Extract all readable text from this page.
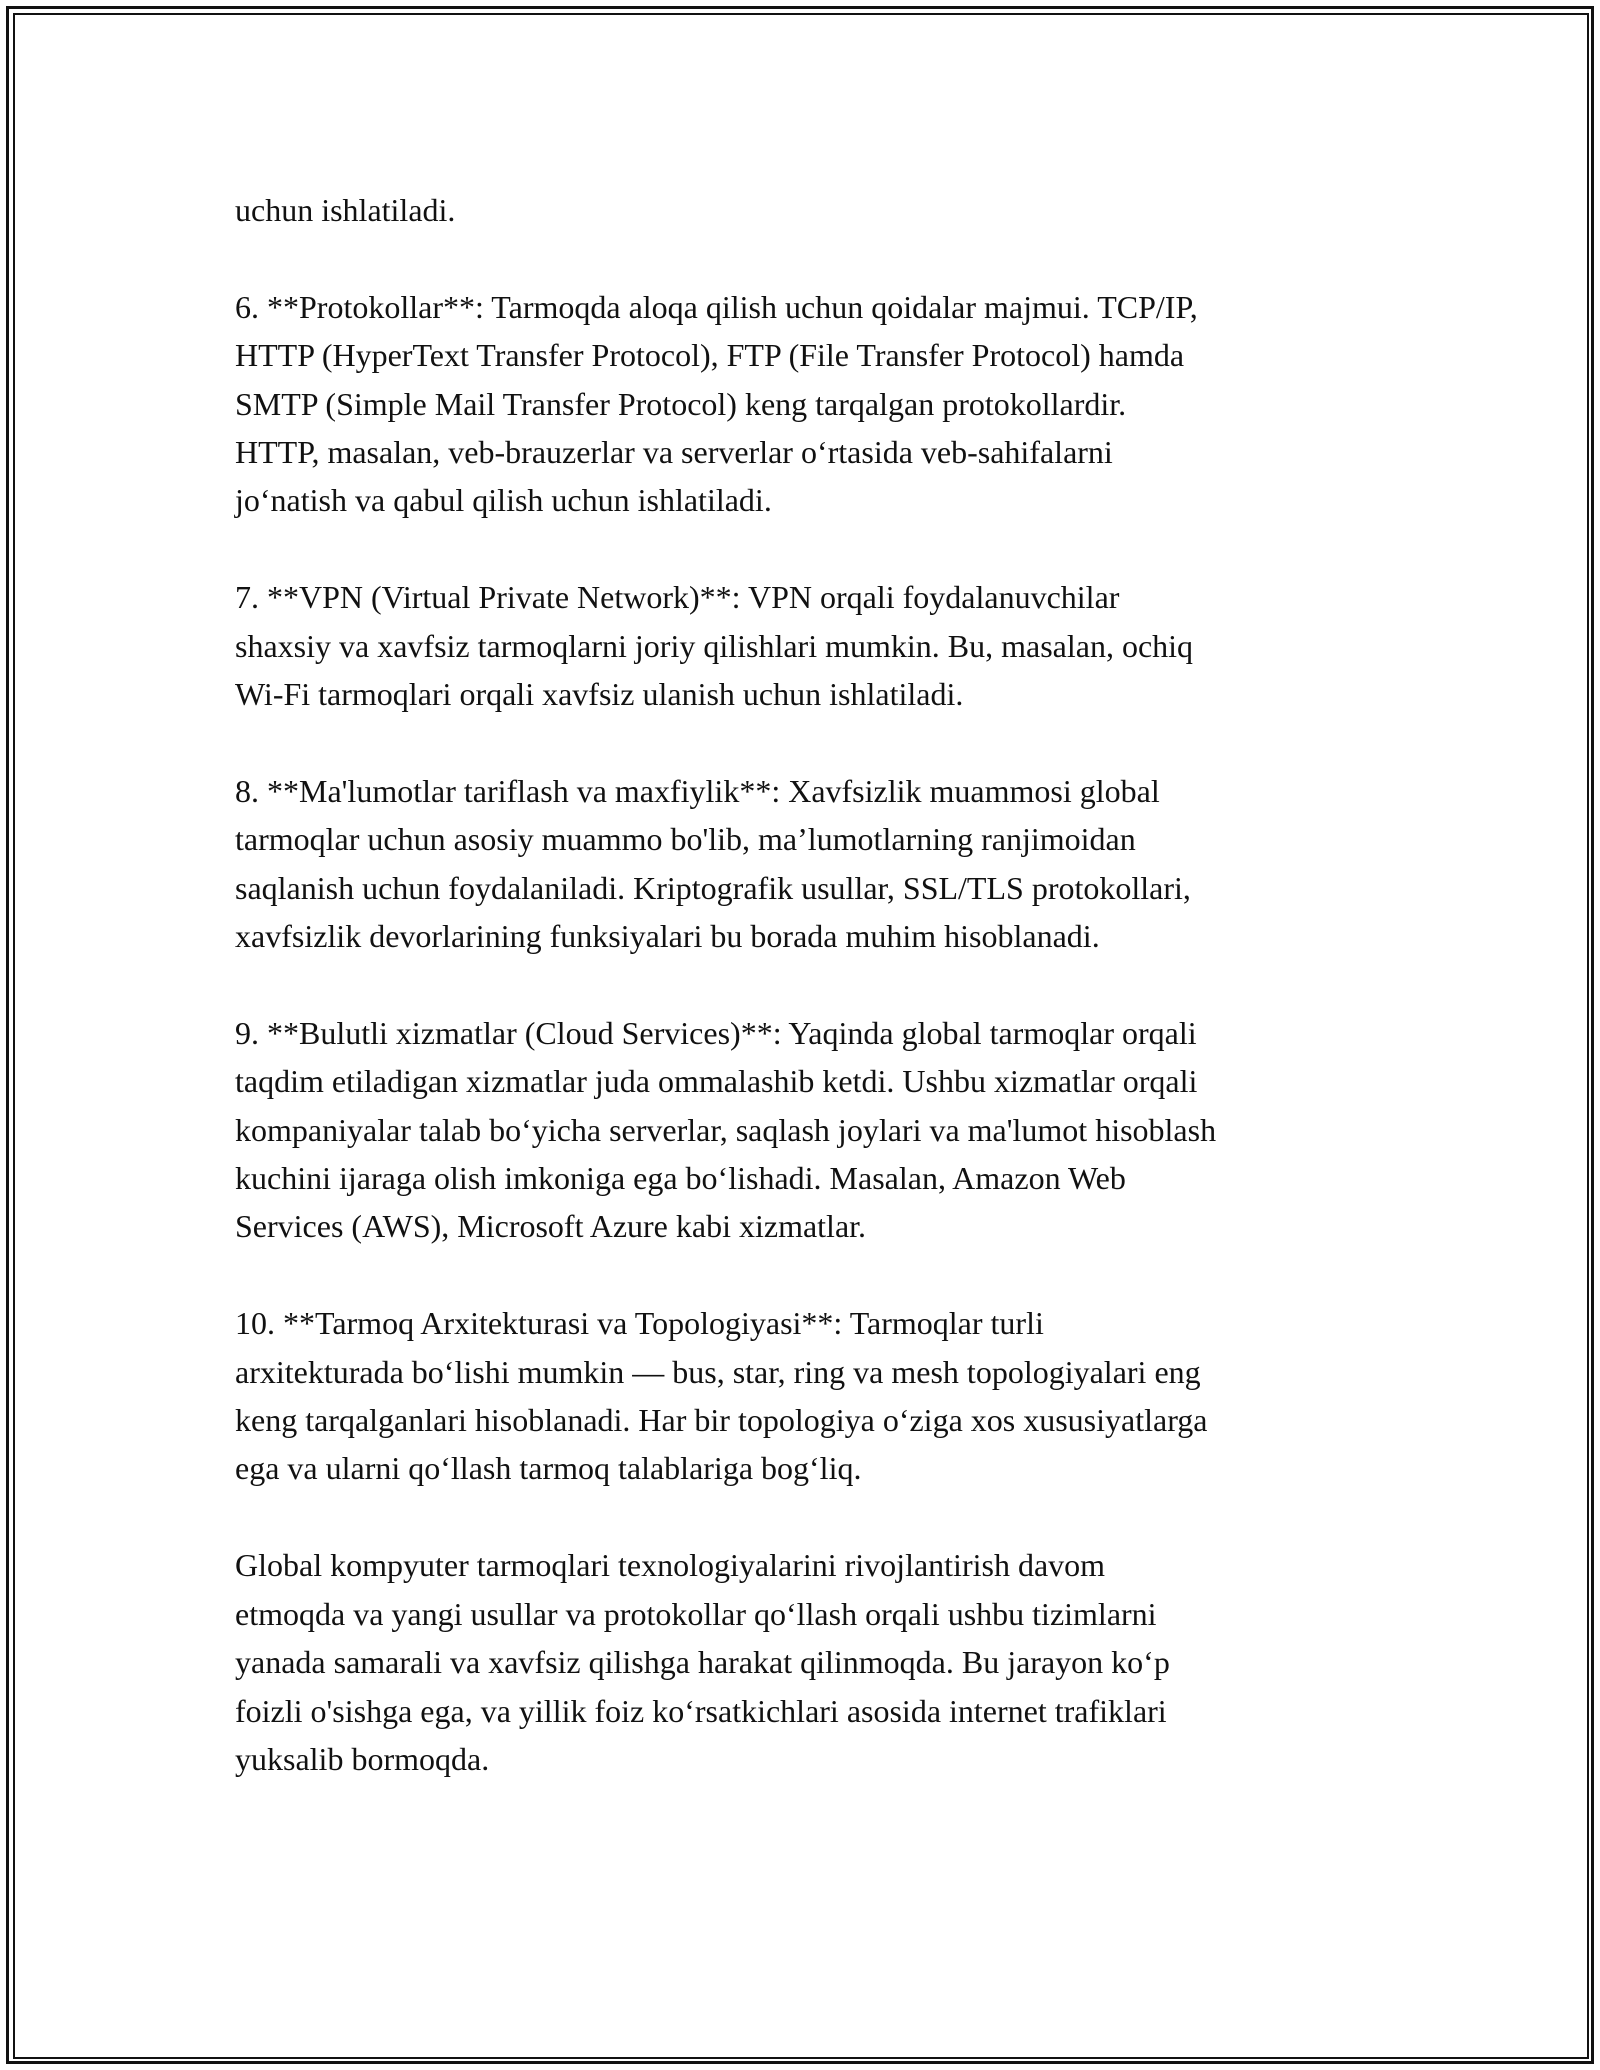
uchun ishlatiladi.

6. **Protokollar**: Tarmoqda aloqa qilish uchun qoidalar majmui. TCP/IP,
HTTP (HyperText Transfer Protocol), FTP (File Transfer Protocol) hamda
SMTP (Simple Mail Transfer Protocol) keng tarqalgan protokollardir.
HTTP, masalan, veb-brauzerlar va serverlar oʻrtasida veb-sahifalarni
joʻnatish va qabul qilish uchun ishlatiladi.

7. **VPN (Virtual Private Network)**: VPN orqali foydalanuvchilar
shaxsiy va xavfsiz tarmoqlarni joriy qilishlari mumkin. Bu, masalan, ochiq
Wi-Fi tarmoqlari orqali xavfsiz ulanish uchun ishlatiladi.

8. **Ma'lumotlar tariflash va maxfiylik**: Xavfsizlik muammosi global
tarmoqlar uchun asosiy muammo bo'lib, maʼlumotlarning ranjimoidan
saqlanish uchun foydalaniladi. Kriptografik usullar, SSL/TLS protokollari,
xavfsizlik devorlarining funksiyalari bu borada muhim hisoblanadi.

9. **Bulutli xizmatlar (Cloud Services)**: Yaqinda global tarmoqlar orqali
taqdim etiladigan xizmatlar juda ommalashib ketdi. Ushbu xizmatlar orqali
kompaniyalar talab boʻyicha serverlar, saqlash joylari va ma'lumot hisoblash
kuchini ijaraga olish imkoniga ega boʻlishadi. Masalan, Amazon Web
Services (AWS), Microsoft Azure kabi xizmatlar.

10. **Tarmoq Arxitekturasi va Topologiyasi**: Tarmoqlar turli
arxitekturada boʻlishi mumkin — bus, star, ring va mesh topologiyalari eng
keng tarqalganlari hisoblanadi. Har bir topologiya oʻziga xos xususiyatlarga
ega va ularni qoʻllash tarmoq talablariga bogʻliq.

Global kompyuter tarmoqlari texnologiyalarini rivojlantirish davom
etmoqda va yangi usullar va protokollar qoʻllash orqali ushbu tizimlarni
yanada samarali va xavfsiz qilishga harakat qilinmoqda. Bu jarayon koʻp
foizli o'sishga ega, va yillik foiz koʻrsatkichlari asosida internet trafiklari
yuksalib bormoqda.
